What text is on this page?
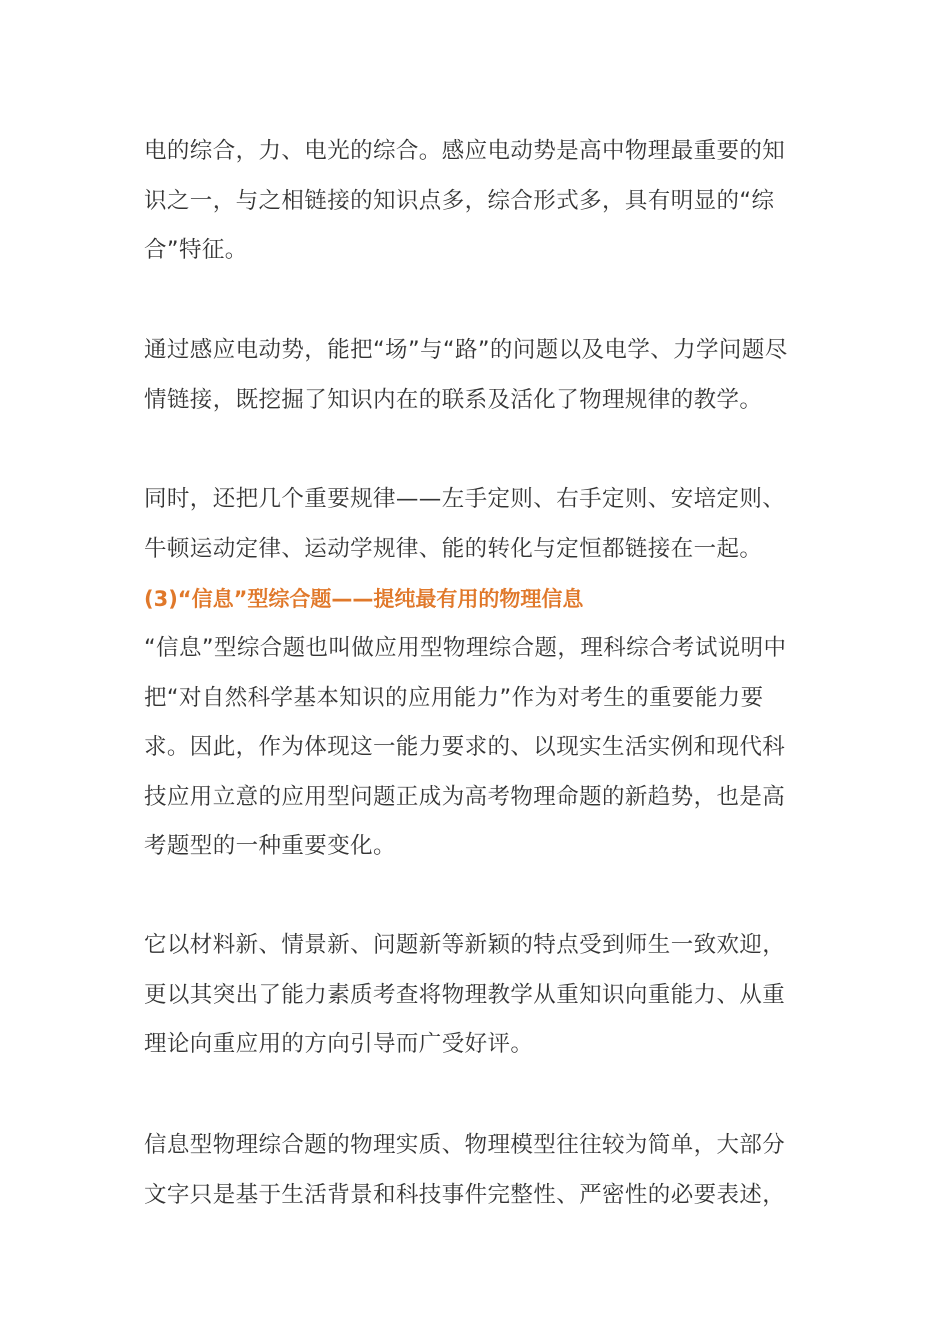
电的综合，力、电光的综合。感应电动势是高中物理最重要的知识之一，与之相链接的知识点多，综合形式多，具有明显的“综合”特征。

通过感应电动势，能把“场”与“路”的问题以及电学、力学问题尽情链接，既挖掘了知识内在的联系及活化了物理规律的教学。

同时，还把几个重要规律——左手定则、右手定则、安培定则、牛顿运动定律、运动学规律、能的转化与定恒都链接在一起。

(3)“信息”型综合题——提纯最有用的物理信息

“信息”型综合题也叫做应用型物理综合题，理科综合考试说明中把“对自然科学基本知识的应用能力”作为对考生的重要能力要求。因此，作为体现这一能力要求的、以现实生活实例和现代科技应用立意的应用型问题正成为高考物理命题的新趋势，也是高考题型的一种重要变化。

它以材料新、情景新、问题新等新颖的特点受到师生一致欢迎，更以其突出了能力素质考查将物理教学从重知识向重能力、从重理论向重应用的方向引导而广受好评。

信息型物理综合题的物理实质、物理模型往往较为简单，大部分文字只是基于生活背景和科技事件完整性、严密性的必要表述，
